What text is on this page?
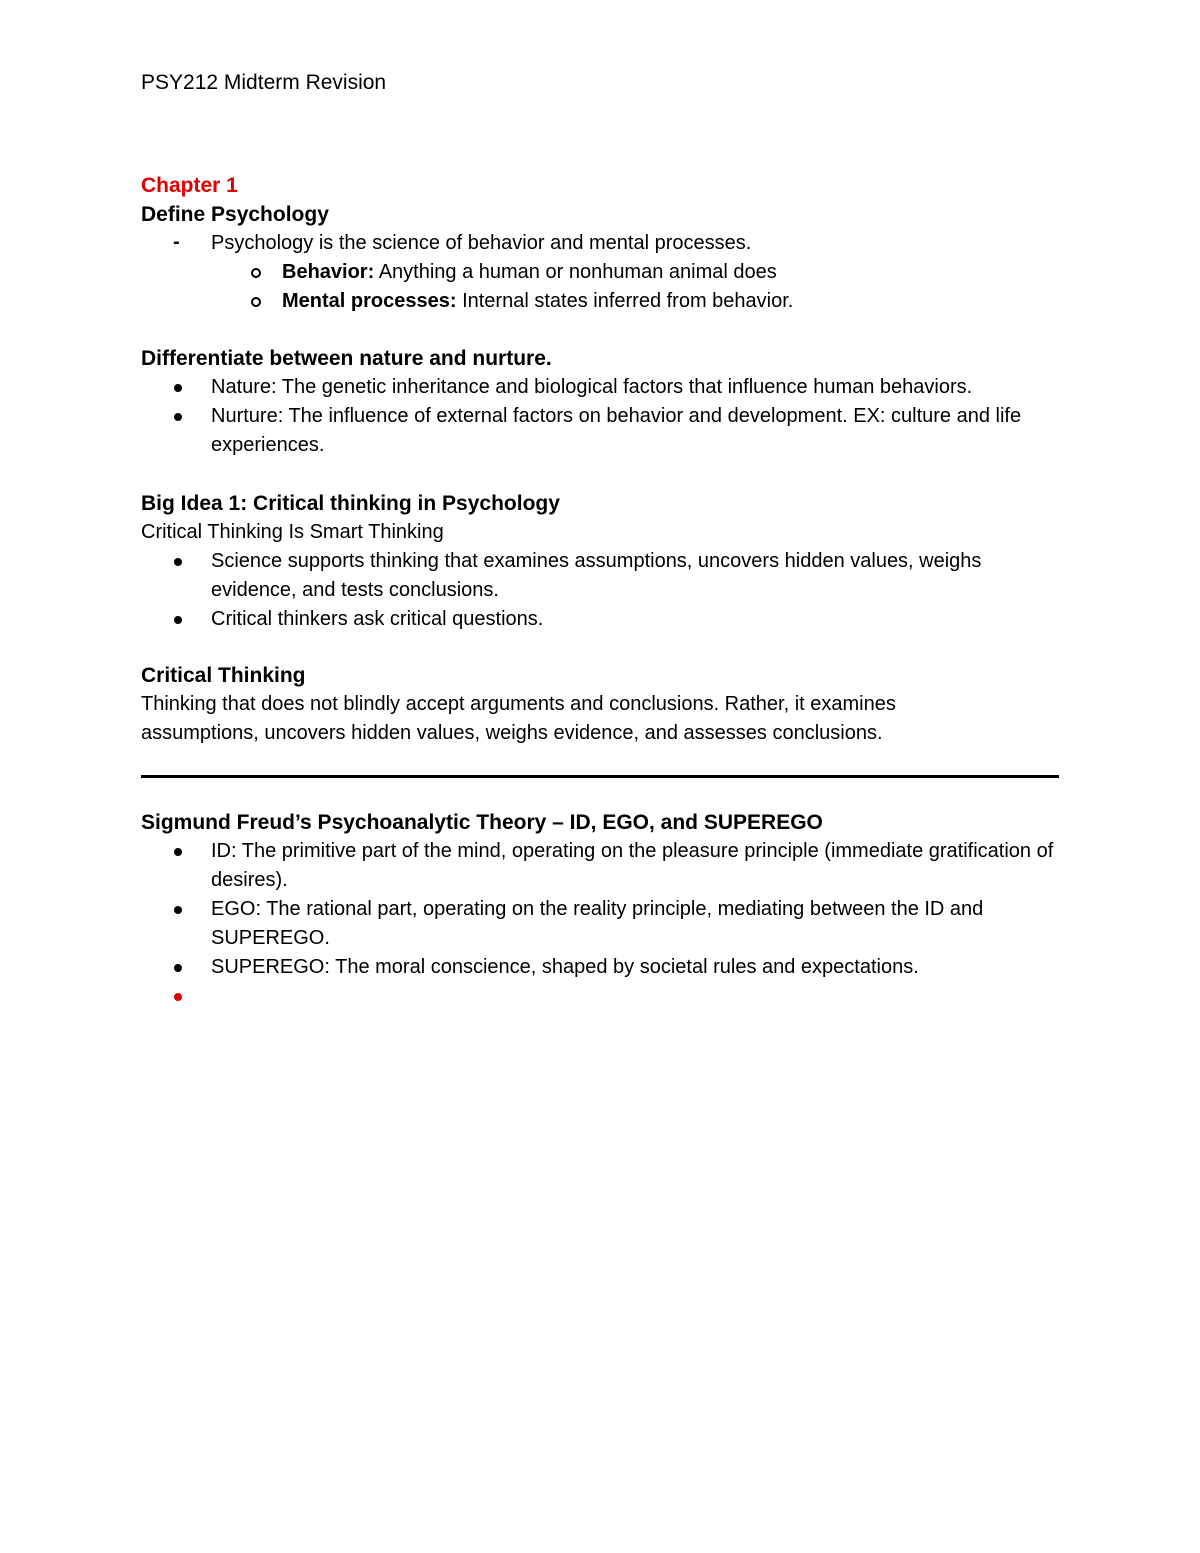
PSY212 Midterm Revision

Chapter 1

Define Psychology

Psychology is the science of behavior and mental processes.
Behavior: Anything a human or nonhuman animal does
Mental processes: Internal states inferred from behavior.

Differentiate between nature and nurture.

Nature: The genetic inheritance and biological factors that influence human behaviors.
Nurture: The influence of external factors on behavior and development. EX: culture and life experiences.

Big Idea 1: Critical thinking in Psychology

Critical Thinking Is Smart Thinking

Science supports thinking that examines assumptions, uncovers hidden values, weighs evidence, and tests conclusions.
Critical thinkers ask critical questions.

Critical Thinking

Thinking that does not blindly accept arguments and conclusions. Rather, it examines assumptions, uncovers hidden values, weighs evidence, and assesses conclusions.

Sigmund Freud’s Psychoanalytic Theory – ID, EGO, and SUPEREGO

ID: The primitive part of the mind, operating on the pleasure principle (immediate gratification of desires).
EGO: The rational part, operating on the reality principle, mediating between the ID and SUPEREGO.
SUPEREGO: The moral conscience, shaped by societal rules and expectations.
